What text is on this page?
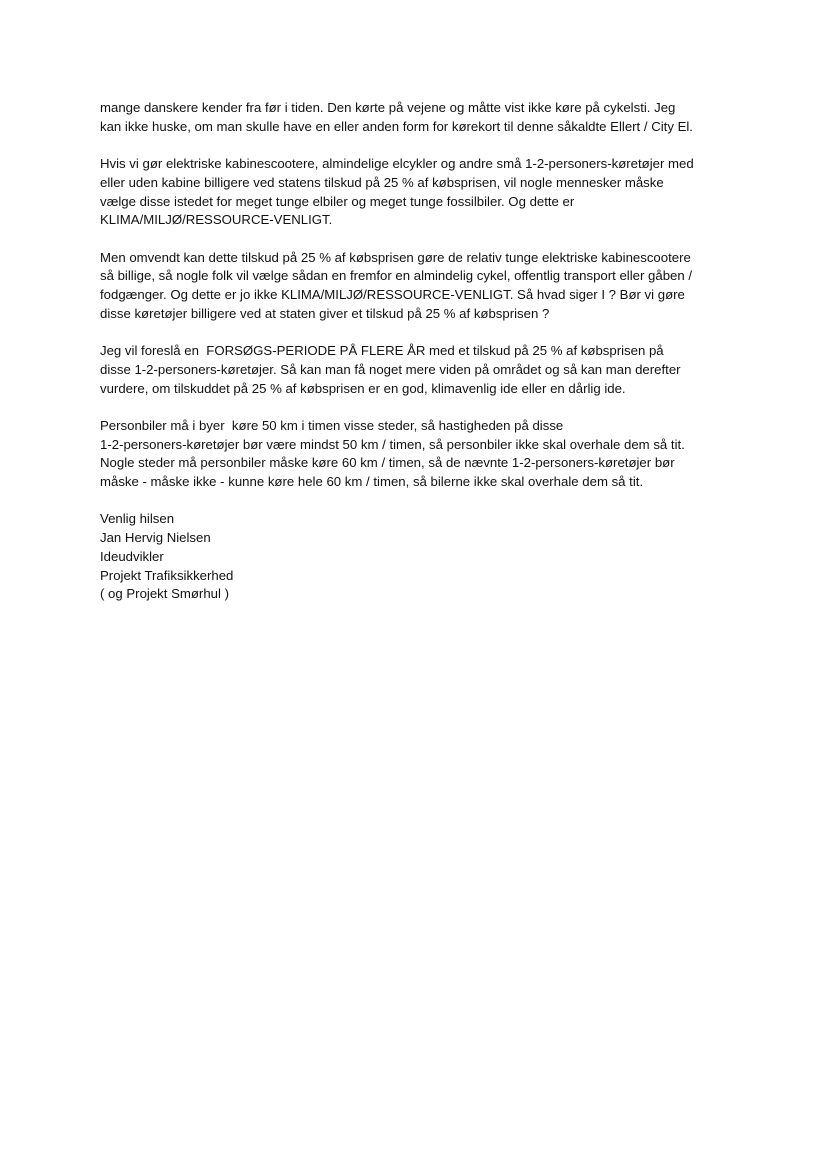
mange danskere kender fra før i tiden. Den kørte på vejene og måtte vist ikke køre på cykelsti. Jeg
kan ikke huske, om man skulle have en eller anden form for kørekort til denne såkaldte Ellert / City El.

Hvis vi gør elektriske kabinescootere, almindelige elcykler og andre små 1-2-personers-køretøjer med
eller uden kabine billigere ved statens tilskud på 25 % af købsprisen, vil nogle mennesker måske
vælge disse istedet for meget tunge elbiler og meget tunge fossilbiler. Og dette er
KLIMA/MILJØ/RESSOURCE-VENLIGT.

Men omvendt kan dette tilskud på 25 % af købsprisen gøre de relativ tunge elektriske kabinescootere
så billige, så nogle folk vil vælge sådan en fremfor en almindelig cykel, offentlig transport eller gåben /
fodgænger. Og dette er jo ikke KLIMA/MILJØ/RESSOURCE-VENLIGT. Så hvad siger I ? Bør vi gøre
disse køretøjer billigere ved at staten giver et tilskud på 25 % af købsprisen ?

Jeg vil foreslå en  FORSØGS-PERIODE PÅ FLERE ÅR med et tilskud på 25 % af købsprisen på
disse 1-2-personers-køretøjer. Så kan man få noget mere viden på området og så kan man derefter
vurdere, om tilskuddet på 25 % af købsprisen er en god, klimavenlig ide eller en dårlig ide.

Personbiler må i byer  køre 50 km i timen visse steder, så hastigheden på disse
1-2-personers-køretøjer bør være mindst 50 km / timen, så personbiler ikke skal overhale dem så tit.
Nogle steder må personbiler måske køre 60 km / timen, så de nævnte 1-2-personers-køretøjer bør
måske - måske ikke - kunne køre hele 60 km / timen, så bilerne ikke skal overhale dem så tit.

Venlig hilsen
Jan Hervig Nielsen
Ideudvikler
Projekt Trafiksikkerhed
( og Projekt Smørhul )
